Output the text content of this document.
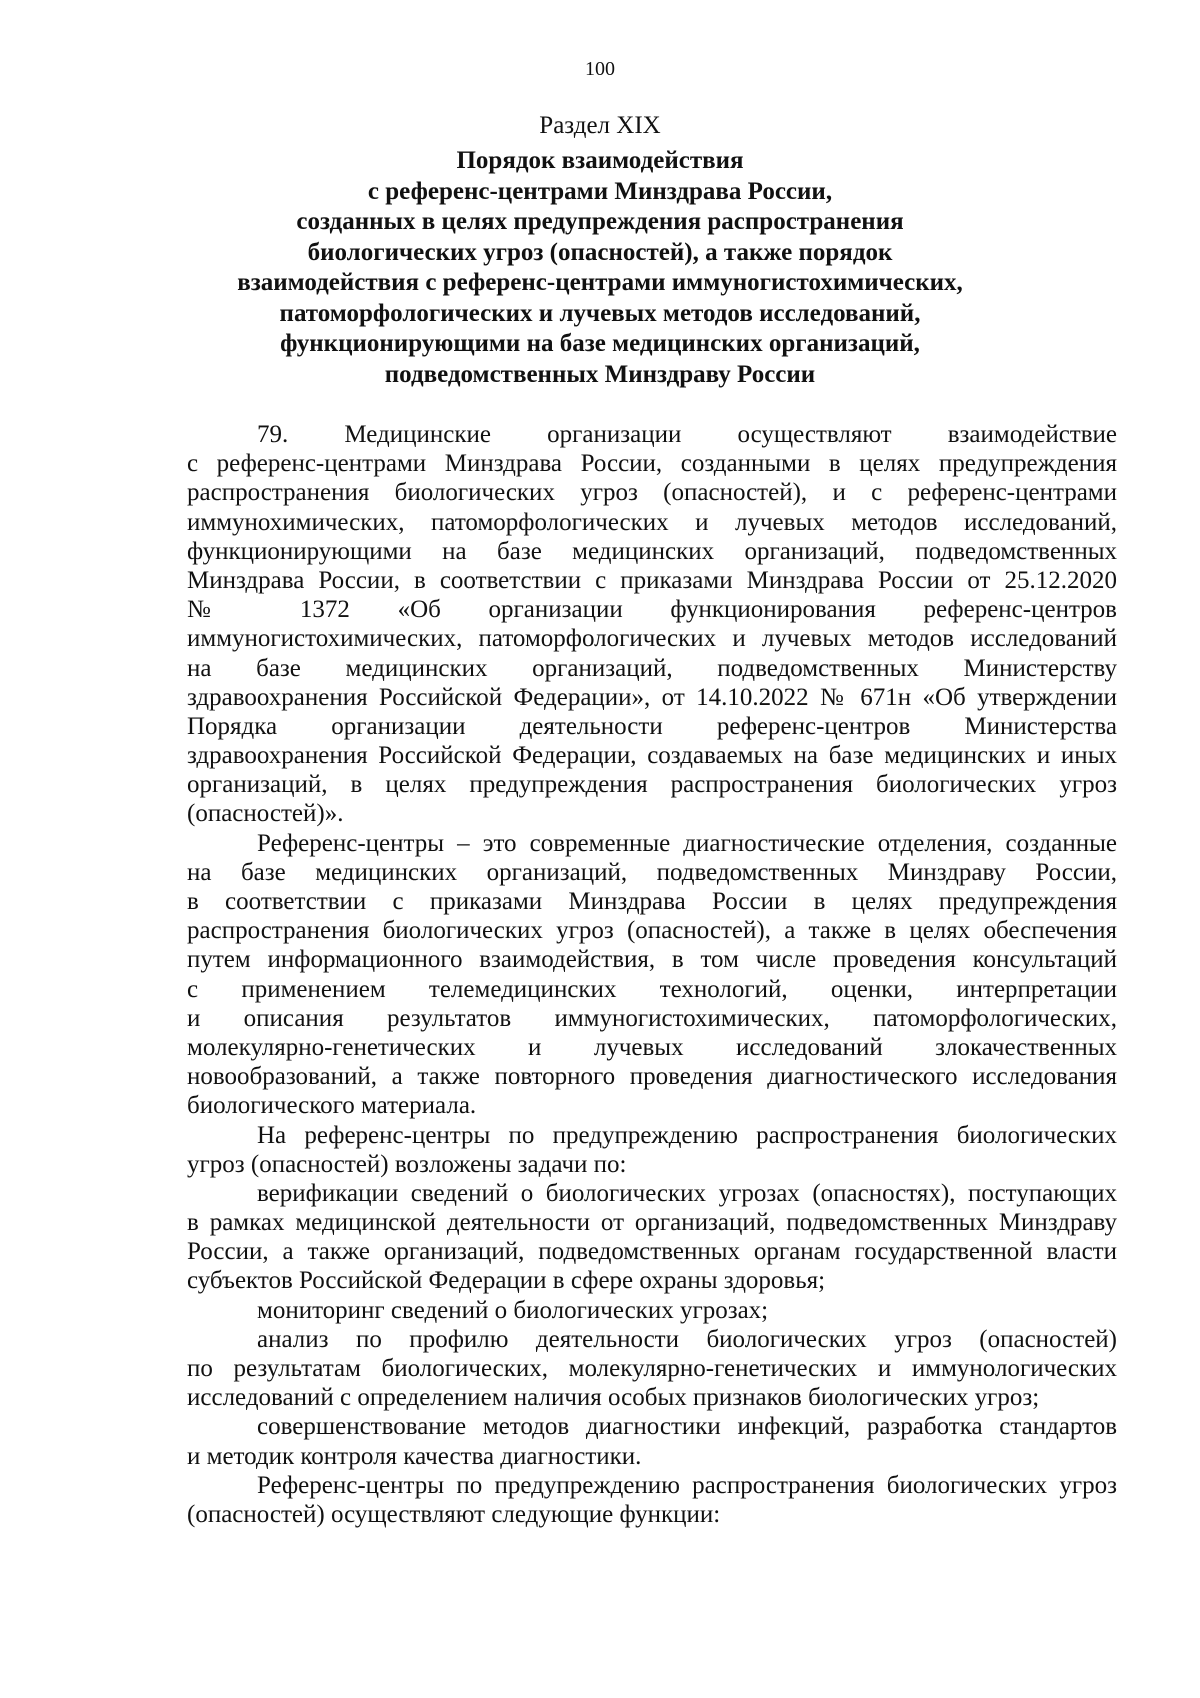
100
Раздел XIX
Порядок взаимодействия
с референс-центрами Минздрава России,
созданных в целях предупреждения распространения
биологических угроз (опасностей), а также порядок
взаимодействия с референс-центрами иммуногистохимических,
патоморфологических и лучевых методов исследований,
функционирующими на базе медицинских организаций,
подведомственных Минздраву России
79. Медицинские организации осуществляют взаимодействие
с референс-центрами Минздрава России, созданными в целях предупреждения
распространения биологических угроз (опасностей), и с референс-центрами
иммунохимических, патоморфологических и лучевых методов исследований,
функционирующими на базе медицинских организаций, подведомственных
Минздрава России, в соответствии с приказами Минздрава России от 25.12.2020
№ 1372 «Об организации функционирования референс-центров
иммуногистохимических, патоморфологических и лучевых методов исследований
на базе медицинских организаций, подведомственных Министерству
здравоохранения Российской Федерации», от 14.10.2022 № 671н «Об утверждении
Порядка организации деятельности референс-центров Министерства
здравоохранения Российской Федерации, создаваемых на базе медицинских и иных
организаций, в целях предупреждения распространения биологических угроз
(опасностей)».
Референс-центры – это современные диагностические отделения, созданные
на базе медицинских организаций, подведомственных Минздраву России,
в соответствии с приказами Минздрава России в целях предупреждения
распространения биологических угроз (опасностей), а также в целях обеспечения
путем информационного взаимодействия, в том числе проведения консультаций
с применением телемедицинских технологий, оценки, интерпретации
и описания результатов иммуногистохимических, патоморфологических,
молекулярно-генетических и лучевых исследований злокачественных
новообразований, а также повторного проведения диагностического исследования
биологического материала.
На референс-центры по предупреждению распространения биологических
угроз (опасностей) возложены задачи по:
верификации сведений о биологических угрозах (опасностях), поступающих
в рамках медицинской деятельности от организаций, подведомственных Минздраву
России, а также организаций, подведомственных органам государственной власти
субъектов Российской Федерации в сфере охраны здоровья;
мониторинг сведений о биологических угрозах;
анализ по профилю деятельности биологических угроз (опасностей)
по результатам биологических, молекулярно-генетических и иммунологических
исследований с определением наличия особых признаков биологических угроз;
совершенствование методов диагностики инфекций, разработка стандартов
и методик контроля качества диагностики.
Референс-центры по предупреждению распространения биологических угроз
(опасностей) осуществляют следующие функции:
